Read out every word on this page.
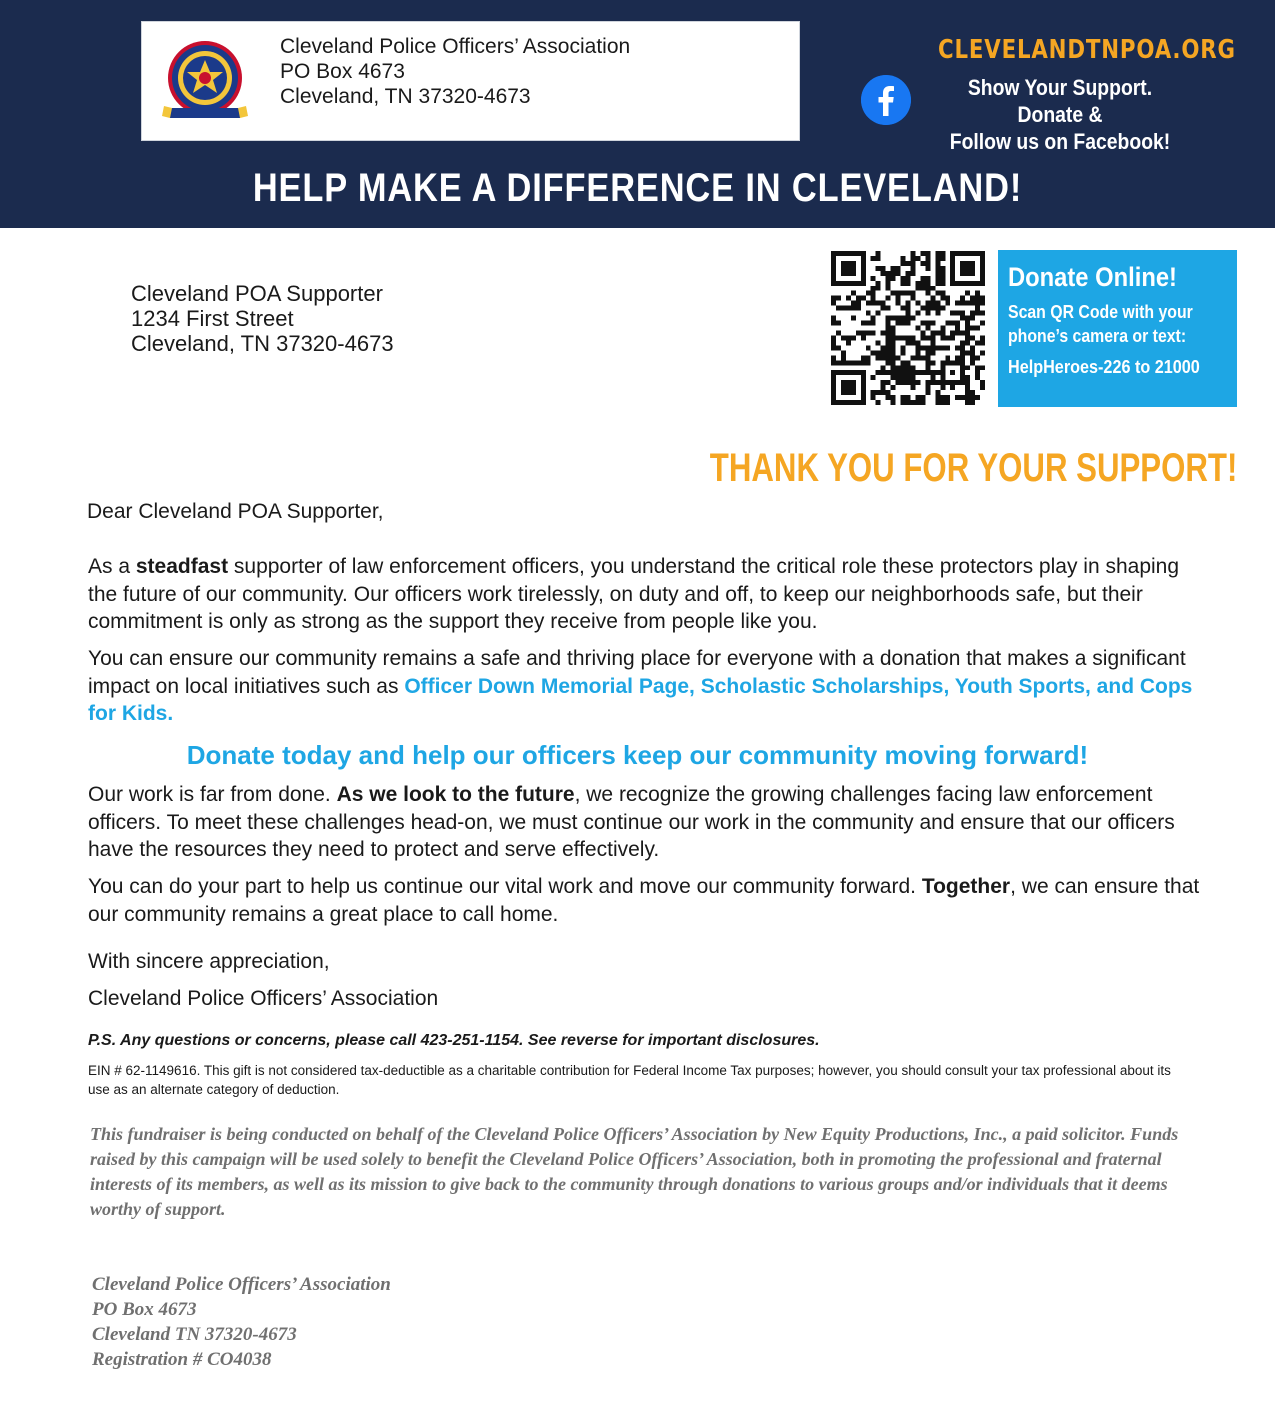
Cleveland Police Officers’ Association
PO Box 4673
Cleveland, TN 37320-4673
CLEVELANDTNPOA.ORG
Show Your Support. Donate &
Follow us on Facebook!
HELP MAKE A DIFFERENCE IN CLEVELAND!
Cleveland POA Supporter
1234 First Street
Cleveland, TN 37320-4673
Donate Online!
Scan QR Code with your phone’s camera or text:
HelpHeroes-226 to 21000
THANK YOU FOR YOUR SUPPORT!
Dear Cleveland POA Supporter,
As a steadfast supporter of law enforcement officers, you understand the critical role these protectors play in shaping the future of our community. Our officers work tirelessly, on duty and off, to keep our neighborhoods safe, but their commitment is only as strong as the support they receive from people like you.
You can ensure our community remains a safe and thriving place for everyone with a donation that makes a significant impact on local initiatives such as Officer Down Memorial Page, Scholastic Scholarships, Youth Sports, and Cops for Kids.
Donate today and help our officers keep our community moving forward!
Our work is far from done. As we look to the future, we recognize the growing challenges facing law enforcement officers. To meet these challenges head-on, we must continue our work in the community and ensure that our officers have the resources they need to protect and serve effectively.
You can do your part to help us continue our vital work and move our community forward. Together, we can ensure that our community remains a great place to call home.
With sincere appreciation,
Cleveland Police Officers’ Association
P.S. Any questions or concerns, please call 423-251-1154. See reverse for important disclosures.
EIN # 62-1149616. This gift is not considered tax-deductible as a charitable contribution for Federal Income Tax purposes; however, you should consult your tax professional about its use as an alternate category of deduction.
This fundraiser is being conducted on behalf of the Cleveland Police Officers’ Association by New Equity Productions, Inc., a paid solicitor. Funds raised by this campaign will be used solely to benefit the Cleveland Police Officers’ Association, both in promoting the professional and fraternal interests of its members, as well as its mission to give back to the community through donations to various groups and/or individuals that it deems worthy of support.
Cleveland Police Officers’ Association
PO Box 4673
Cleveland TN 37320-4673
Registration # CO4038
